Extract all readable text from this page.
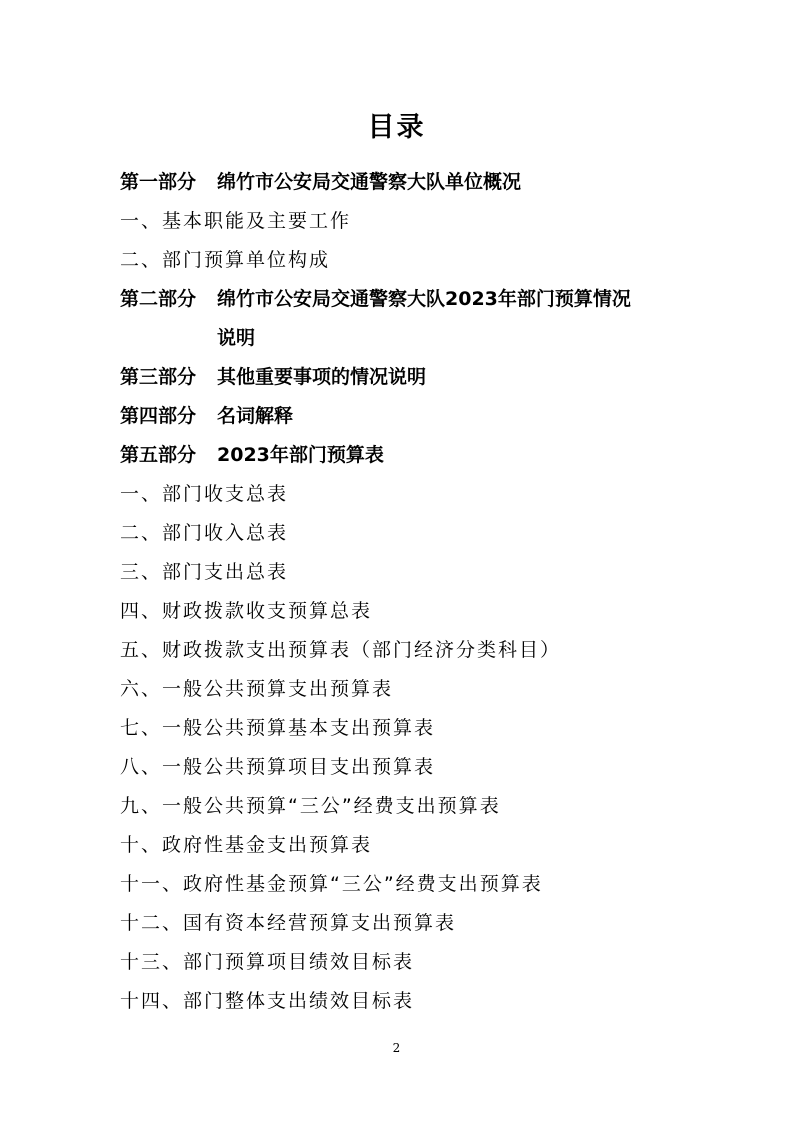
目录
第一部分 绵竹市公安局交通警察大队单位概况
一、基本职能及主要工作
二、部门预算单位构成
第二部分 绵竹市公安局交通警察大队2023年部门预算情况
说明
第三部分 其他重要事项的情况说明
第四部分 名词解释
第五部分 2023年部门预算表
一、部门收支总表
二、部门收入总表
三、部门支出总表
四、财政拨款收支预算总表
五、财政拨款支出预算表（部门经济分类科目）
六、一般公共预算支出预算表
七、一般公共预算基本支出预算表
八、一般公共预算项目支出预算表
九、一般公共预算“三公”经费支出预算表
十、政府性基金支出预算表
十一、政府性基金预算“三公”经费支出预算表
十二、国有资本经营预算支出预算表
十三、部门预算项目绩效目标表
十四、部门整体支出绩效目标表
2
